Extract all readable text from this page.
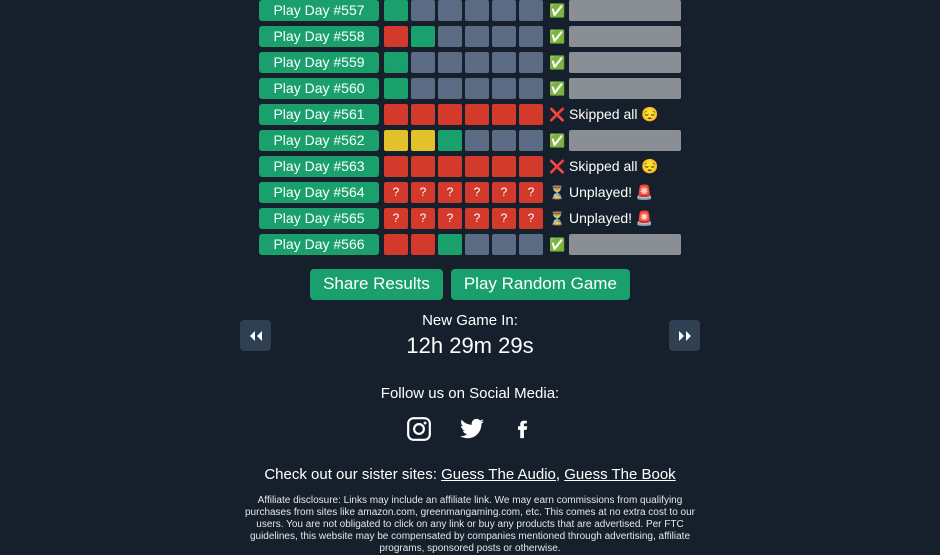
Play Day #557	✅
Play Day #558	✅
Play Day #559	✅
Play Day #560	✅
Play Day #561	❌ Skipped all 😔
Play Day #562	✅
Play Day #563	❌ Skipped all 😔
Play Day #564	?	?	?	?	?	?	⏳ Unplayed! 🚨
Play Day #565	?	?	?	?	?	?	⏳ Unplayed! 🚨
Play Day #566	✅
Share Results	Play Random Game
New Game In:
12h 29m 29s
Follow us on Social Media:
Check out our sister sites: Guess The Audio, Guess The Book
Affiliate disclosure: Links may include an affiliate link. We may earn commissions from qualifying purchases from sites like amazon.com, greenmangaming.com, etc. This comes at no extra cost to our users. You are not obligated to click on any link or buy any products that are advertised. Per FTC guidelines, this website may be compensated by companies mentioned through advertising, affiliate programs, sponsored posts or otherwise.
